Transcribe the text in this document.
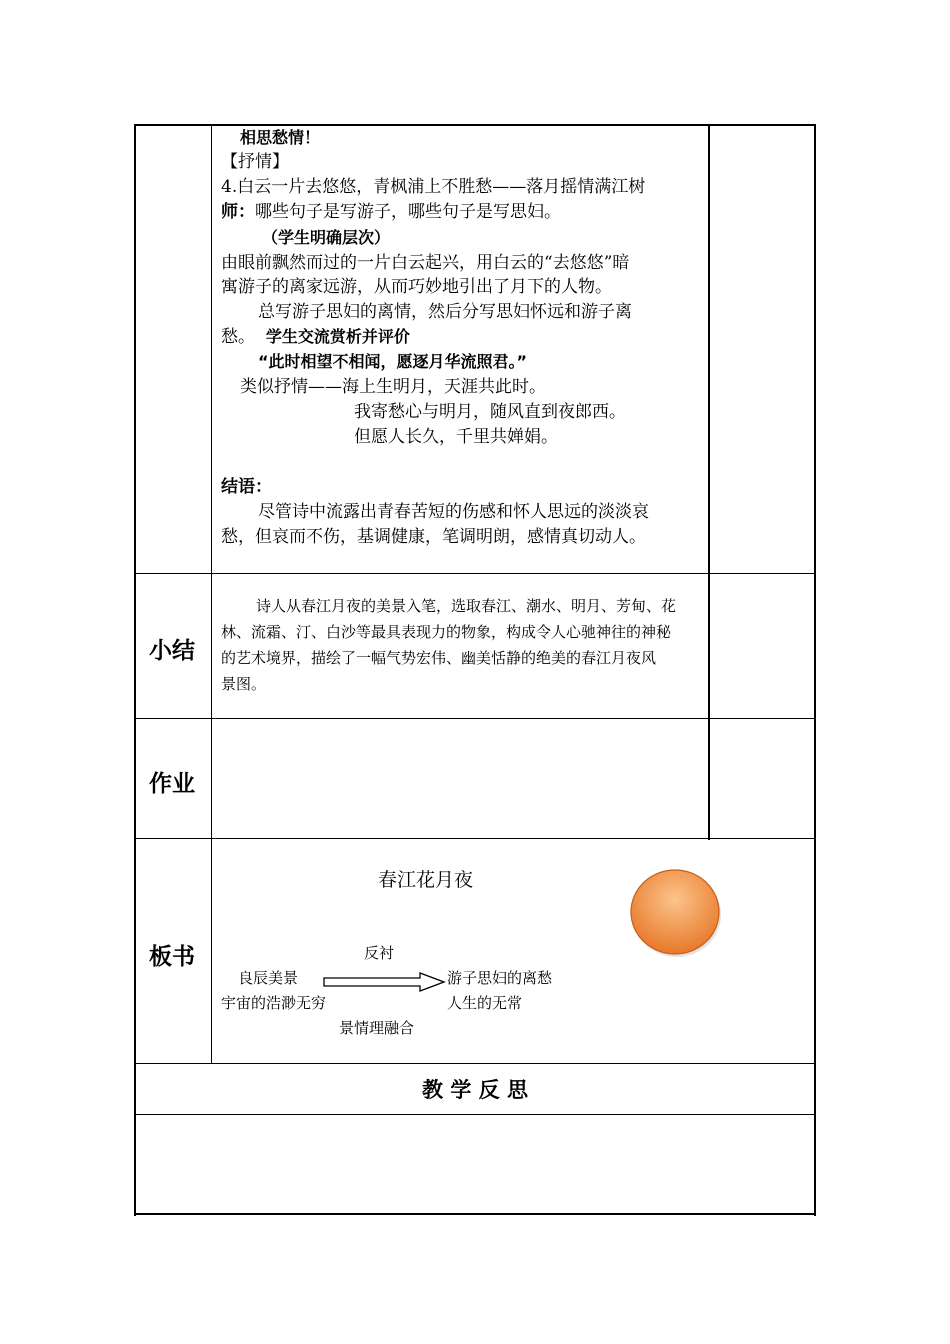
相思愁情！
【抒情】
4.白云一片去悠悠，青枫浦上不胜愁——落月摇情满江树
师：哪些句子是写游子，哪些句子是写思妇。
（学生明确层次）
由眼前飘然而过的一片白云起兴，用白云的“去悠悠”暗
寓游子的离家远游，从而巧妙地引出了月下的人物。
总写游子思妇的离情，然后分写思妇怀远和游子离
愁。 学生交流赏析并评价
“此时相望不相闻，愿逐月华流照君。”
类似抒情——海上生明月，天涯共此时。
我寄愁心与明月，随风直到夜郎西。
但愿人长久，千里共婵娟。
结语：
尽管诗中流露出青春苦短的伤感和怀人思远的淡淡哀
愁，但哀而不伤，基调健康，笔调明朗，感情真切动人。
小结
诗人从春江月夜的美景入笔，选取春江、潮水、明月、芳甸、花
林、流霜、汀、白沙等最具表现力的物象，构成令人心驰神往的神秘
的艺术境界，描绘了一幅气势宏伟、幽美恬静的绝美的春江月夜风
景图。
作业
板书
春江花月夜
反衬
良辰美景
宇宙的浩渺无穷
游子思妇的离愁
人生的无常
景情理融合
教 学 反 思
